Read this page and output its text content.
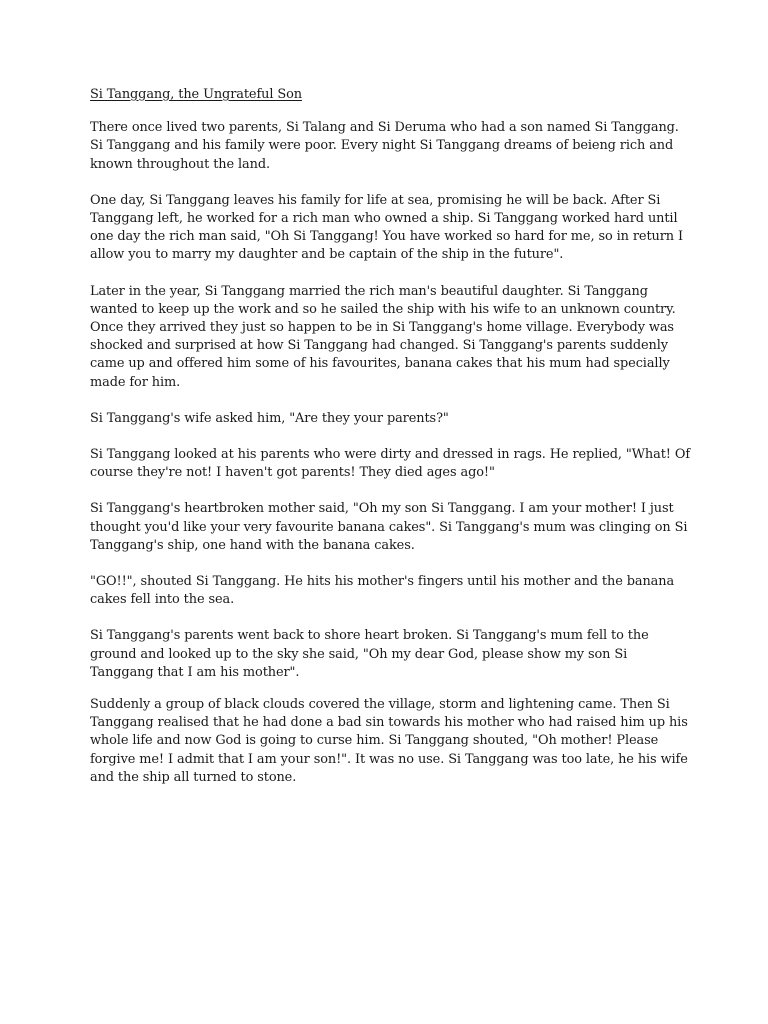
Si Tanggang, the Ungrateful Son

There once lived two parents, Si Talang and Si Deruma who had a son named Si Tanggang. Si Tanggang and his family were poor. Every night Si Tanggang dreams of beieng rich and known throughout the land.

One day, Si Tanggang leaves his family for life at sea, promising he will be back. After Si Tanggang left, he worked for a rich man who owned a ship. Si Tanggang worked hard until one day the rich man said, "Oh Si Tanggang! You have worked so hard for me, so in return I allow you to marry my daughter and be captain of the ship in the future".

Later in the year, Si Tanggang married the rich man's beautiful daughter. Si Tanggang wanted to keep up the work and so he sailed the ship with his wife to an unknown country. Once they arrived they just so happen to be in Si Tanggang's home village. Everybody was shocked and surprised at how Si Tanggang had changed. Si Tanggang's parents suddenly came up and offered him some of his favourites, banana cakes that his mum had specially made for him.

Si Tanggang's wife asked him, "Are they your parents?"

Si Tanggang looked at his parents who were dirty and dressed in rags. He replied, "What! Of course they're not! I haven't got parents! They died ages ago!"

Si Tanggang's heartbroken mother said, "Oh my son Si Tanggang. I am your mother! I just thought you'd like your very favourite banana cakes". Si Tanggang's mum was clinging on Si Tanggang's ship, one hand with the banana cakes.

"GO!!", shouted Si Tanggang. He hits his mother's fingers until his mother and the banana cakes fell into the sea.

Si Tanggang's parents went back to shore heart broken. Si Tanggang's mum fell to the ground and looked up to the sky she said, "Oh my dear God, please show my son Si Tanggang that I am his mother".

Suddenly a group of black clouds covered the village, storm and lightening came. Then Si Tanggang realised that he had done a bad sin towards his mother who had raised him up his whole life and now God is going to curse him. Si Tanggang shouted, "Oh mother! Please forgive me! I admit that I am your son!". It was no use. Si Tanggang was too late, he his wife and the ship all turned to stone.
